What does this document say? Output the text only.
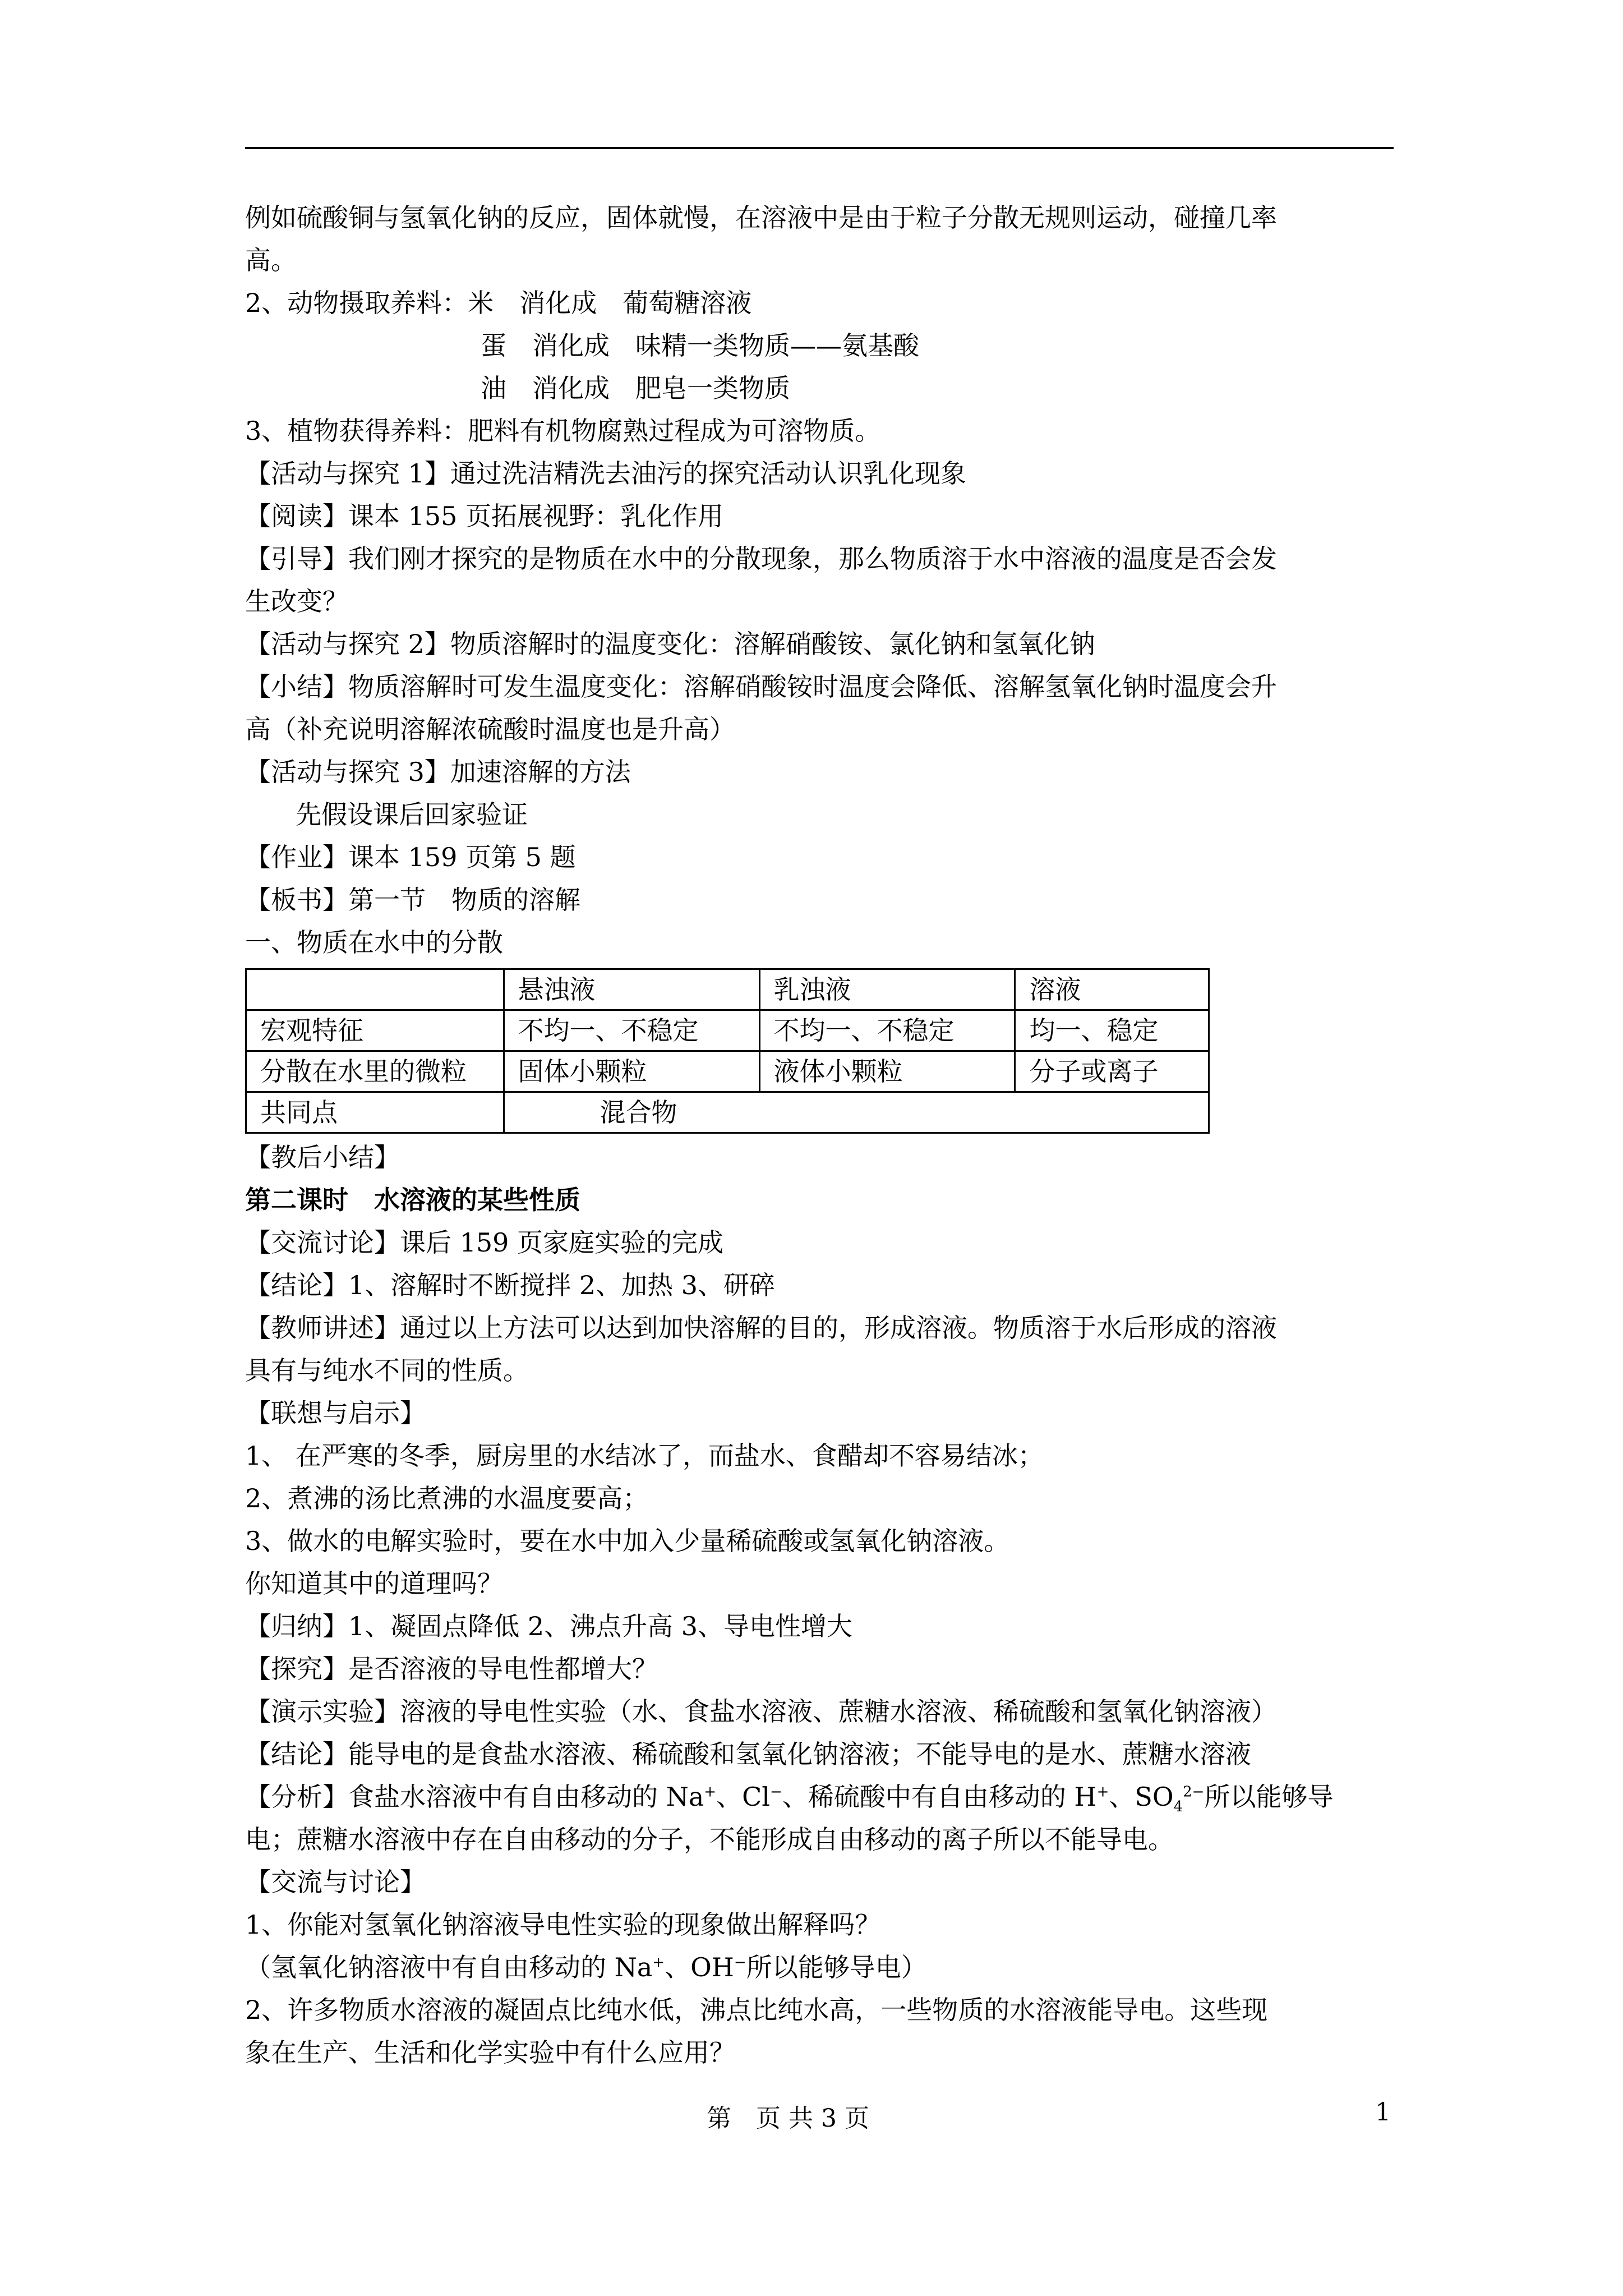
例如硫酸铜与氢氧化钠的反应，固体就慢，在溶液中是由于粒子分散无规则运动，碰撞几率
高。
2、动物摄取养料：米　消化成　葡萄糖溶液
蛋　消化成　味精一类物质——氨基酸
油　消化成　肥皂一类物质
3、植物获得养料：肥料有机物腐熟过程成为可溶物质。
【活动与探究 1】通过洗洁精洗去油污的探究活动认识乳化现象
【阅读】课本 155 页拓展视野：乳化作用
【引导】我们刚才探究的是物质在水中的分散现象，那么物质溶于水中溶液的温度是否会发
生改变？
【活动与探究 2】物质溶解时的温度变化：溶解硝酸铵、氯化钠和氢氧化钠
【小结】物质溶解时可发生温度变化：溶解硝酸铵时温度会降低、溶解氢氧化钠时温度会升
高（补充说明溶解浓硫酸时温度也是升高）
【活动与探究 3】加速溶解的方法
先假设课后回家验证
【作业】课本 159 页第 5 题
【板书】第一节　物质的溶解
一、物质在水中的分散
	悬浊液	乳浊液	溶液
宏观特征	不均一、不稳定	不均一、不稳定	均一、稳定
分散在水里的微粒	固体小颗粒	液体小颗粒	分子或离子
共同点	混合物		
【教后小结】
第二课时　水溶液的某些性质
【交流讨论】课后 159 页家庭实验的完成
【结论】1、溶解时不断搅拌 2、加热 3、研碎
【教师讲述】通过以上方法可以达到加快溶解的目的，形成溶液。物质溶于水后形成的溶液
具有与纯水不同的性质。
【联想与启示】
1、 在严寒的冬季，厨房里的水结冰了，而盐水、食醋却不容易结冰；
2、煮沸的汤比煮沸的水温度要高；
3、做水的电解实验时，要在水中加入少量稀硫酸或氢氧化钠溶液。
你知道其中的道理吗？
【归纳】1、凝固点降低 2、沸点升高 3、导电性增大
【探究】是否溶液的导电性都增大？
【演示实验】溶液的导电性实验（水、食盐水溶液、蔗糖水溶液、稀硫酸和氢氧化钠溶液）
【结论】能导电的是食盐水溶液、稀硫酸和氢氧化钠溶液；不能导电的是水、蔗糖水溶液
【分析】食盐水溶液中有自由移动的 Na+、Cl−、稀硫酸中有自由移动的 H+、$SO_4^{2-}$所以能够导
电；蔗糖水溶液中存在自由移动的分子，不能形成自由移动的离子所以不能导电。
【交流与讨论】
1、你能对氢氧化钠溶液导电性实验的现象做出解释吗？
（氢氧化钠溶液中有自由移动的 Na+、OH−所以能够导电）
2、许多物质水溶液的凝固点比纯水低，沸点比纯水高，一些物质的水溶液能导电。这些现
象在生产、生活和化学实验中有什么应用？
第　页 共 3 页	1
